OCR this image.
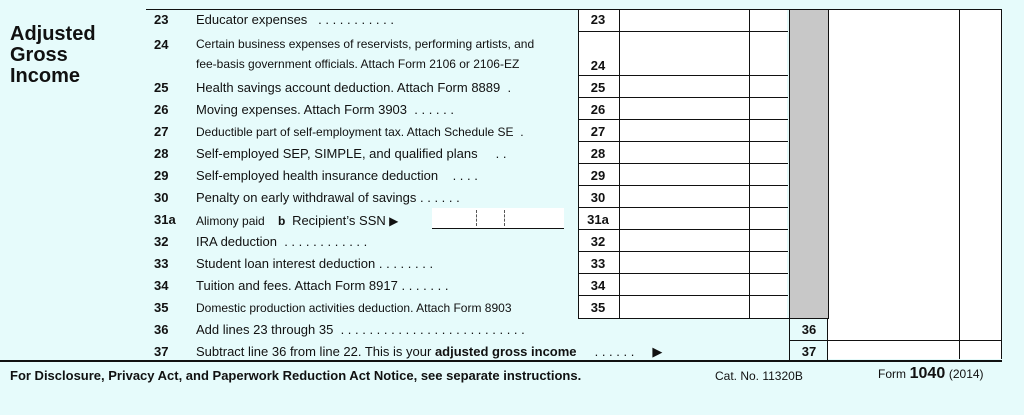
Adjusted
Gross
Income
23 Educator expenses . . . . . . . . . . .	23
24 Certain business expenses of reservists, performing artists, and
fee-basis government officials. Attach Form 2106 or 2106-EZ	24
25 Health savings account deduction. Attach Form 8889 .	25
26 Moving expenses. Attach Form 3903 . . . . . .	26
27 Deductible part of self-employment tax. Attach Schedule SE .	27
28 Self-employed SEP, SIMPLE, and qualified plans . .	28
29 Self-employed health insurance deduction . . . .	29
30 Penalty on early withdrawal of savings . . . . . .	30
31a Alimony paid b Recipient’s SSN ▶	31a
32 IRA deduction . . . . . . . . . . . .	32
33 Student loan interest deduction . . . . . . . .	33
34 Tuition and fees. Attach Form 8917 . . . . . . .	34
35 Domestic production activities deduction. Attach Form 8903	35
36 Add lines 23 through 35 . . . . . . . . . . . . . . . . . . . . . . . . . .	36
37 Subtract line 36 from line 22. This is your adjusted gross income . . . . . . ▶	37
For Disclosure, Privacy Act, and Paperwork Reduction Act Notice, see separate instructions.	Cat. No. 11320B	Form 1040 (2014)
